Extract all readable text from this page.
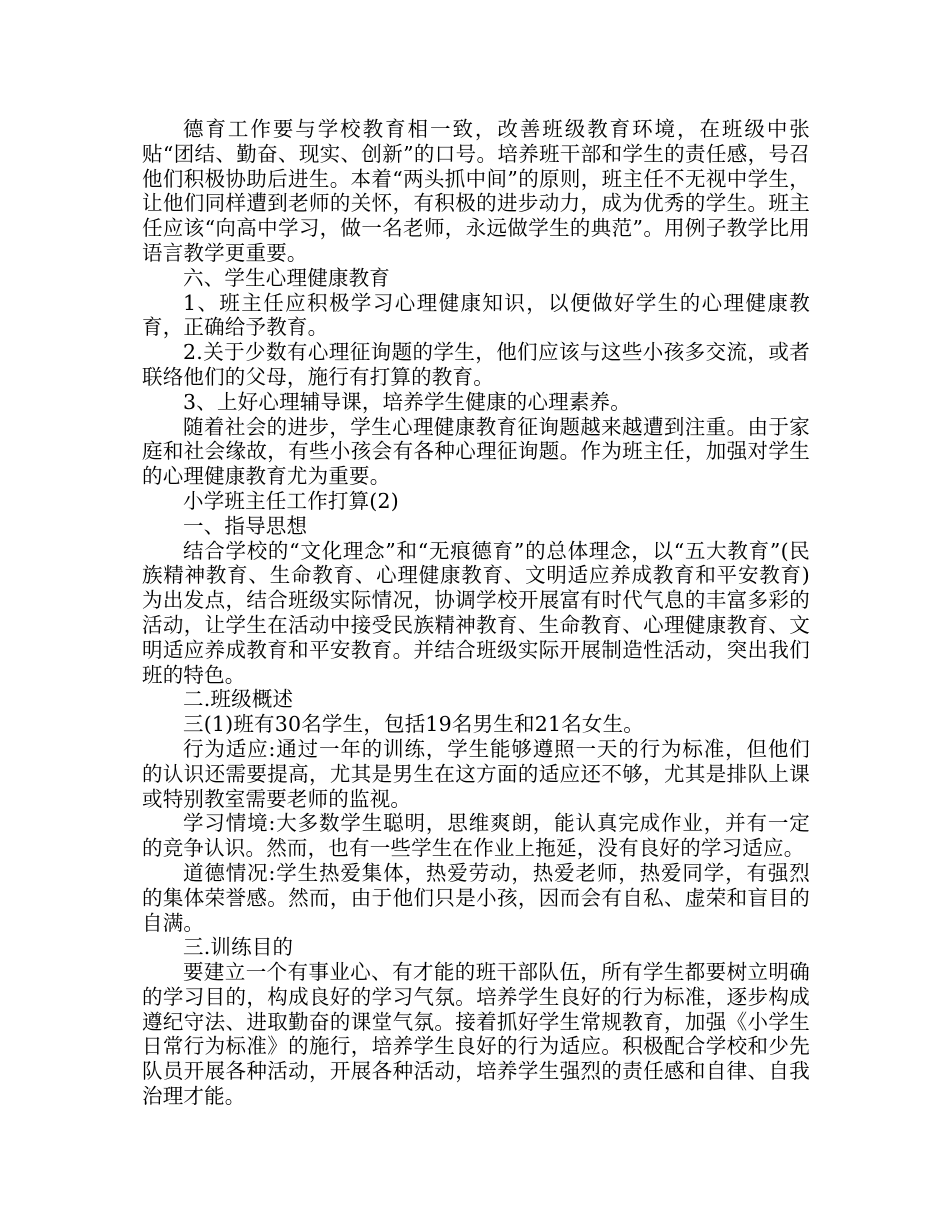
德育工作要与学校教育相一致，改善班级教育环境，在班级中张贴“团结、勤奋、现实、创新”的口号。培养班干部和学生的责任感，号召他们积极协助后进生。本着“两头抓中间”的原则，班主任不无视中学生，让他们同样遭到老师的关怀，有积极的进步动力，成为优秀的学生。班主任应该“向高中学习，做一名老师，永远做学生的典范”。用例子教学比用语言教学更重要。

六、学生心理健康教育

1、班主任应积极学习心理健康知识，以便做好学生的心理健康教育，正确给予教育。

2.关于少数有心理征询题的学生，他们应该与这些小孩多交流，或者联络他们的父母，施行有打算的教育。

3、上好心理辅导课，培养学生健康的心理素养。

随着社会的进步，学生心理健康教育征询题越来越遭到注重。由于家庭和社会缘故，有些小孩会有各种心理征询题。作为班主任，加强对学生的心理健康教育尤为重要。

小学班主任工作打算(2)

一、指导思想

结合学校的“文化理念”和“无痕德育”的总体理念，以“五大教育”(民族精神教育、生命教育、心理健康教育、文明适应养成教育和平安教育)为出发点，结合班级实际情况，协调学校开展富有时代气息的丰富多彩的活动，让学生在活动中接受民族精神教育、生命教育、心理健康教育、文明适应养成教育和平安教育。并结合班级实际开展制造性活动，突出我们班的特色。

二.班级概述

三(1)班有30名学生，包括19名男生和21名女生。

行为适应:通过一年的训练，学生能够遵照一天的行为标准，但他们的认识还需要提高，尤其是男生在这方面的适应还不够，尤其是排队上课或特别教室需要老师的监视。

学习情境:大多数学生聪明，思维爽朗，能认真完成作业，并有一定的竞争认识。然而，也有一些学生在作业上拖延，没有良好的学习适应。

道德情况:学生热爱集体，热爱劳动，热爱老师，热爱同学，有强烈的集体荣誉感。然而，由于他们只是小孩，因而会有自私、虚荣和盲目的自满。

三.训练目的

要建立一个有事业心、有才能的班干部队伍，所有学生都要树立明确的学习目的，构成良好的学习气氛。培养学生良好的行为标准，逐步构成遵纪守法、进取勤奋的课堂气氛。接着抓好学生常规教育，加强《小学生日常行为标准》的施行，培养学生良好的行为适应。积极配合学校和少先队员开展各种活动，开展各种活动，培养学生强烈的责任感和自律、自我治理才能。
